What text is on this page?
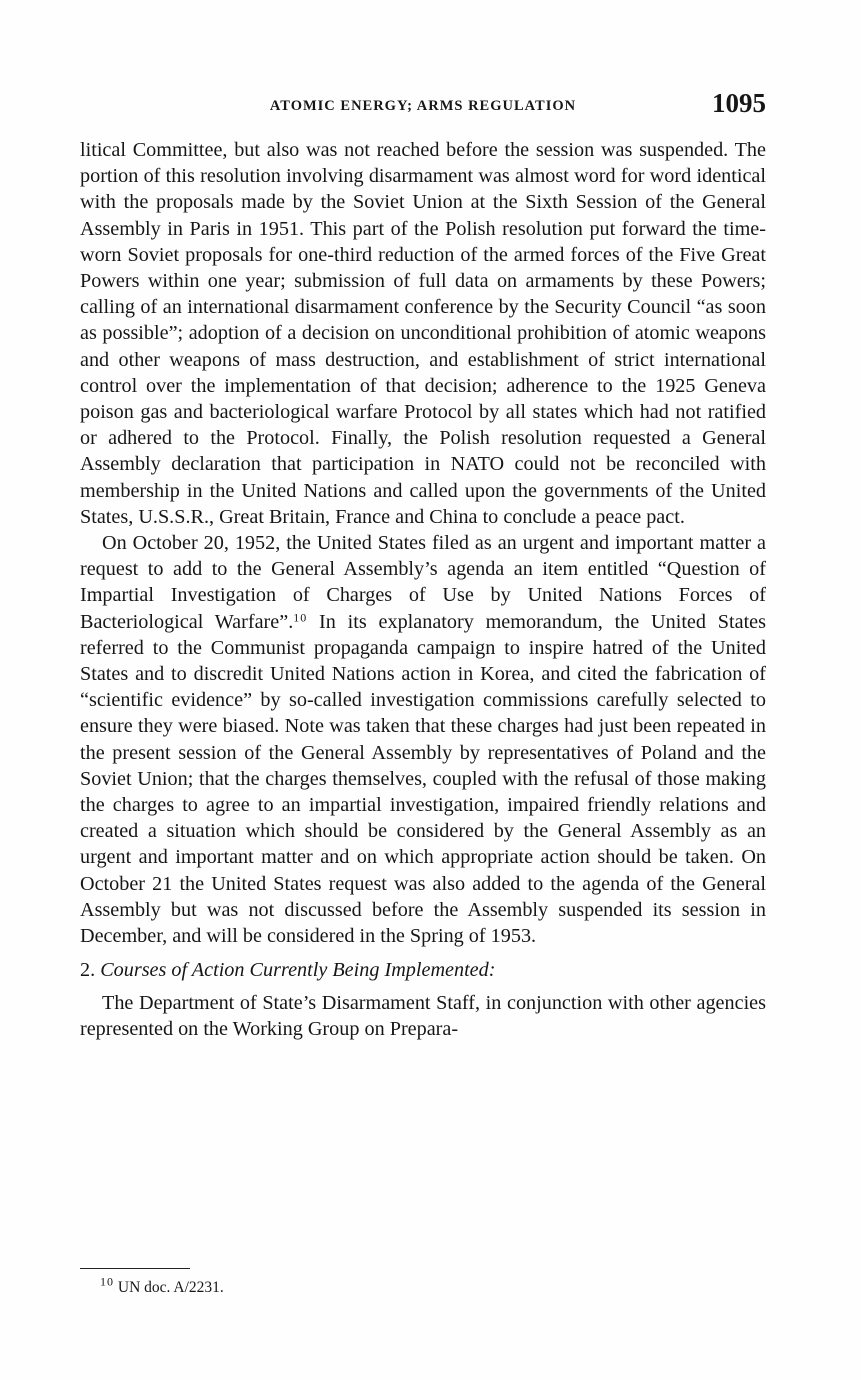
ATOMIC ENERGY; ARMS REGULATION	1095

litical Committee, but also was not reached before the session was suspended. The portion of this resolution involving disarmament was almost word for word identical with the proposals made by the Soviet Union at the Sixth Session of the General Assembly in Paris in 1951. This part of the Polish resolution put forward the time-worn Soviet proposals for one-third reduction of the armed forces of the Five Great Powers within one year; submission of full data on armaments by these Powers; calling of an international disarmament conference by the Security Council “as soon as possible”; adoption of a decision on unconditional prohibition of atomic weapons and other weapons of mass destruction, and establishment of strict international control over the implementation of that decision; adherence to the 1925 Geneva poison gas and bacteriological warfare Protocol by all states which had not ratified or adhered to the Protocol. Finally, the Polish resolution requested a General Assembly declaration that participation in NATO could not be reconciled with membership in the United Nations and called upon the governments of the United States, U.S.S.R., Great Britain, France and China to conclude a peace pact.

On October 20, 1952, the United States filed as an urgent and important matter a request to add to the General Assembly’s agenda an item entitled “Question of Impartial Investigation of Charges of Use by United Nations Forces of Bacteriological Warfare”.$^{10}$ In its explanatory memorandum, the United States referred to the Communist propaganda campaign to inspire hatred of the United States and to discredit United Nations action in Korea, and cited the fabrication of “scientific evidence” by so-called investigation commissions carefully selected to ensure they were biased. Note was taken that these charges had just been repeated in the present session of the General Assembly by representatives of Poland and the Soviet Union; that the charges themselves, coupled with the refusal of those making the charges to agree to an impartial investigation, impaired friendly relations and created a situation which should be considered by the General Assembly as an urgent and important matter and on which appropriate action should be taken. On October 21 the United States request was also added to the agenda of the General Assembly but was not discussed before the Assembly suspended its session in December, and will be considered in the Spring of 1953.

2. Courses of Action Currently Being Implemented:

The Department of State’s Disarmament Staff, in conjunction with other agencies represented on the Working Group on Prepara-

$^{10}$ UN doc. A/2231.
